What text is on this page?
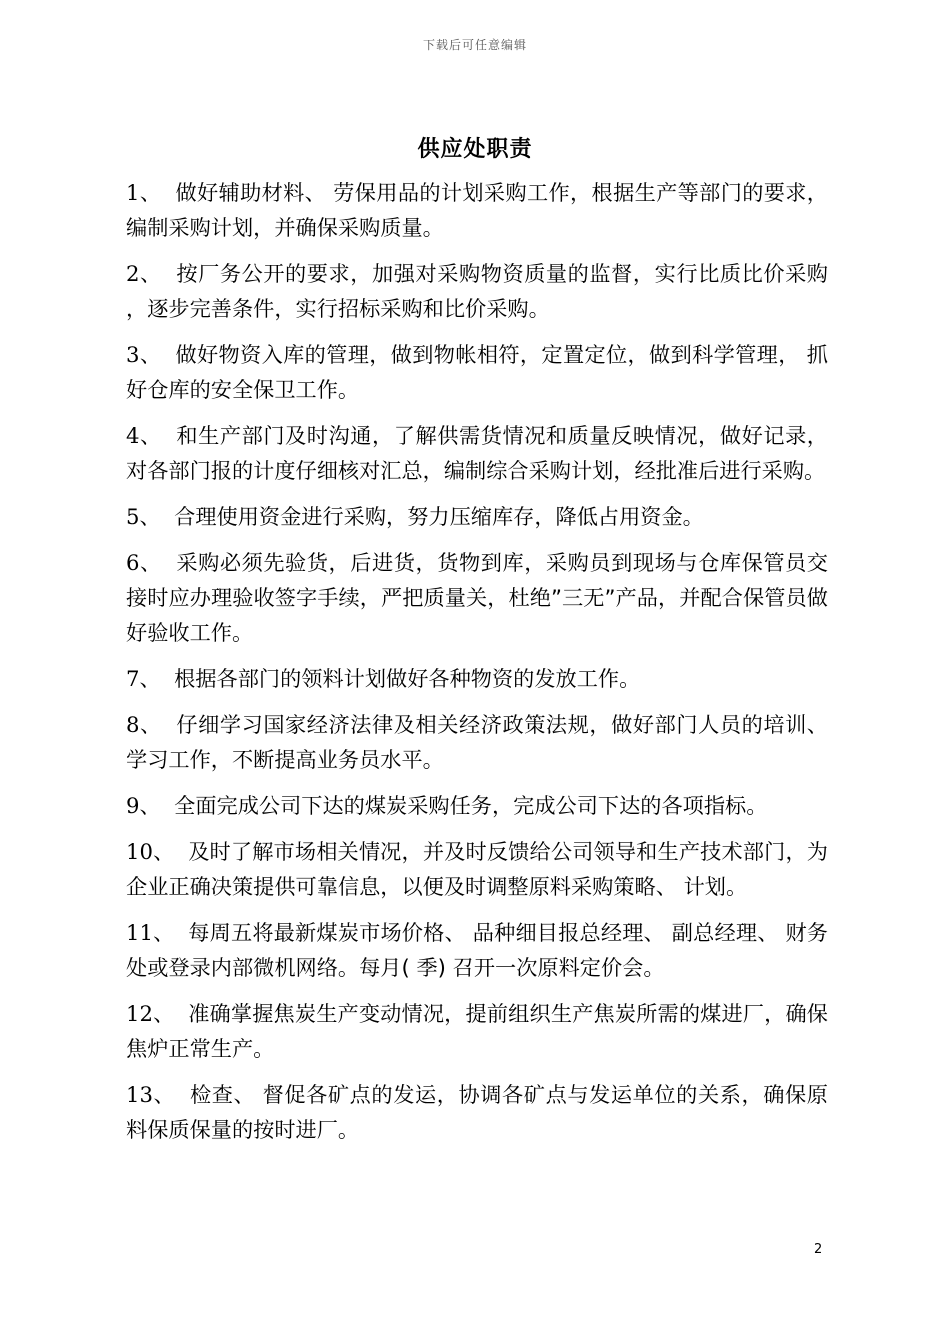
下载后可任意编辑
供应处职责
1、  做好辅助材料、 劳保用品的计划采购工作，根据生产等部门的要求，编制采购计划，并确保采购质量。
2、  按厂务公开的要求，加强对采购物资质量的监督，实行比质比价采购，逐步完善条件，实行招标采购和比价采购。
3、  做好物资入库的管理，做到物帐相符，定置定位，做到科学管理， 抓好仓库的安全保卫工作。
4、  和生产部门及时沟通，了解供需货情况和质量反映情况，做好记录，对各部门报的计度仔细核对汇总，编制综合采购计划，经批准后进行采购。
5、  合理使用资金进行采购，努力压缩库存，降低占用资金。
6、  采购必须先验货，后进货，货物到库，采购员到现场与仓库保管员交接时应办理验收签字手续，严把质量关，杜绝”三无”产品，并配合保管员做好验收工作。
7、  根据各部门的领料计划做好各种物资的发放工作。
8、  仔细学习国家经济法律及相关经济政策法规，做好部门人员的培训、 学习工作，不断提高业务员水平。
9、  全面完成公司下达的煤炭采购任务，完成公司下达的各项指标。
10、  及时了解市场相关情况，并及时反馈给公司领导和生产技术部门，为企业正确决策提供可靠信息，以便及时调整原料采购策略、 计划。
11、  每周五将最新煤炭市场价格、 品种细目报总经理、 副总经理、 财务处或登录内部微机网络。每月( 季) 召开一次原料定价会。
12、  准确掌握焦炭生产变动情况，提前组织生产焦炭所需的煤进厂，确保焦炉正常生产。
13、  检查、 督促各矿点的发运，协调各矿点与发运单位的关系，确保原料保质保量的按时进厂。
2
